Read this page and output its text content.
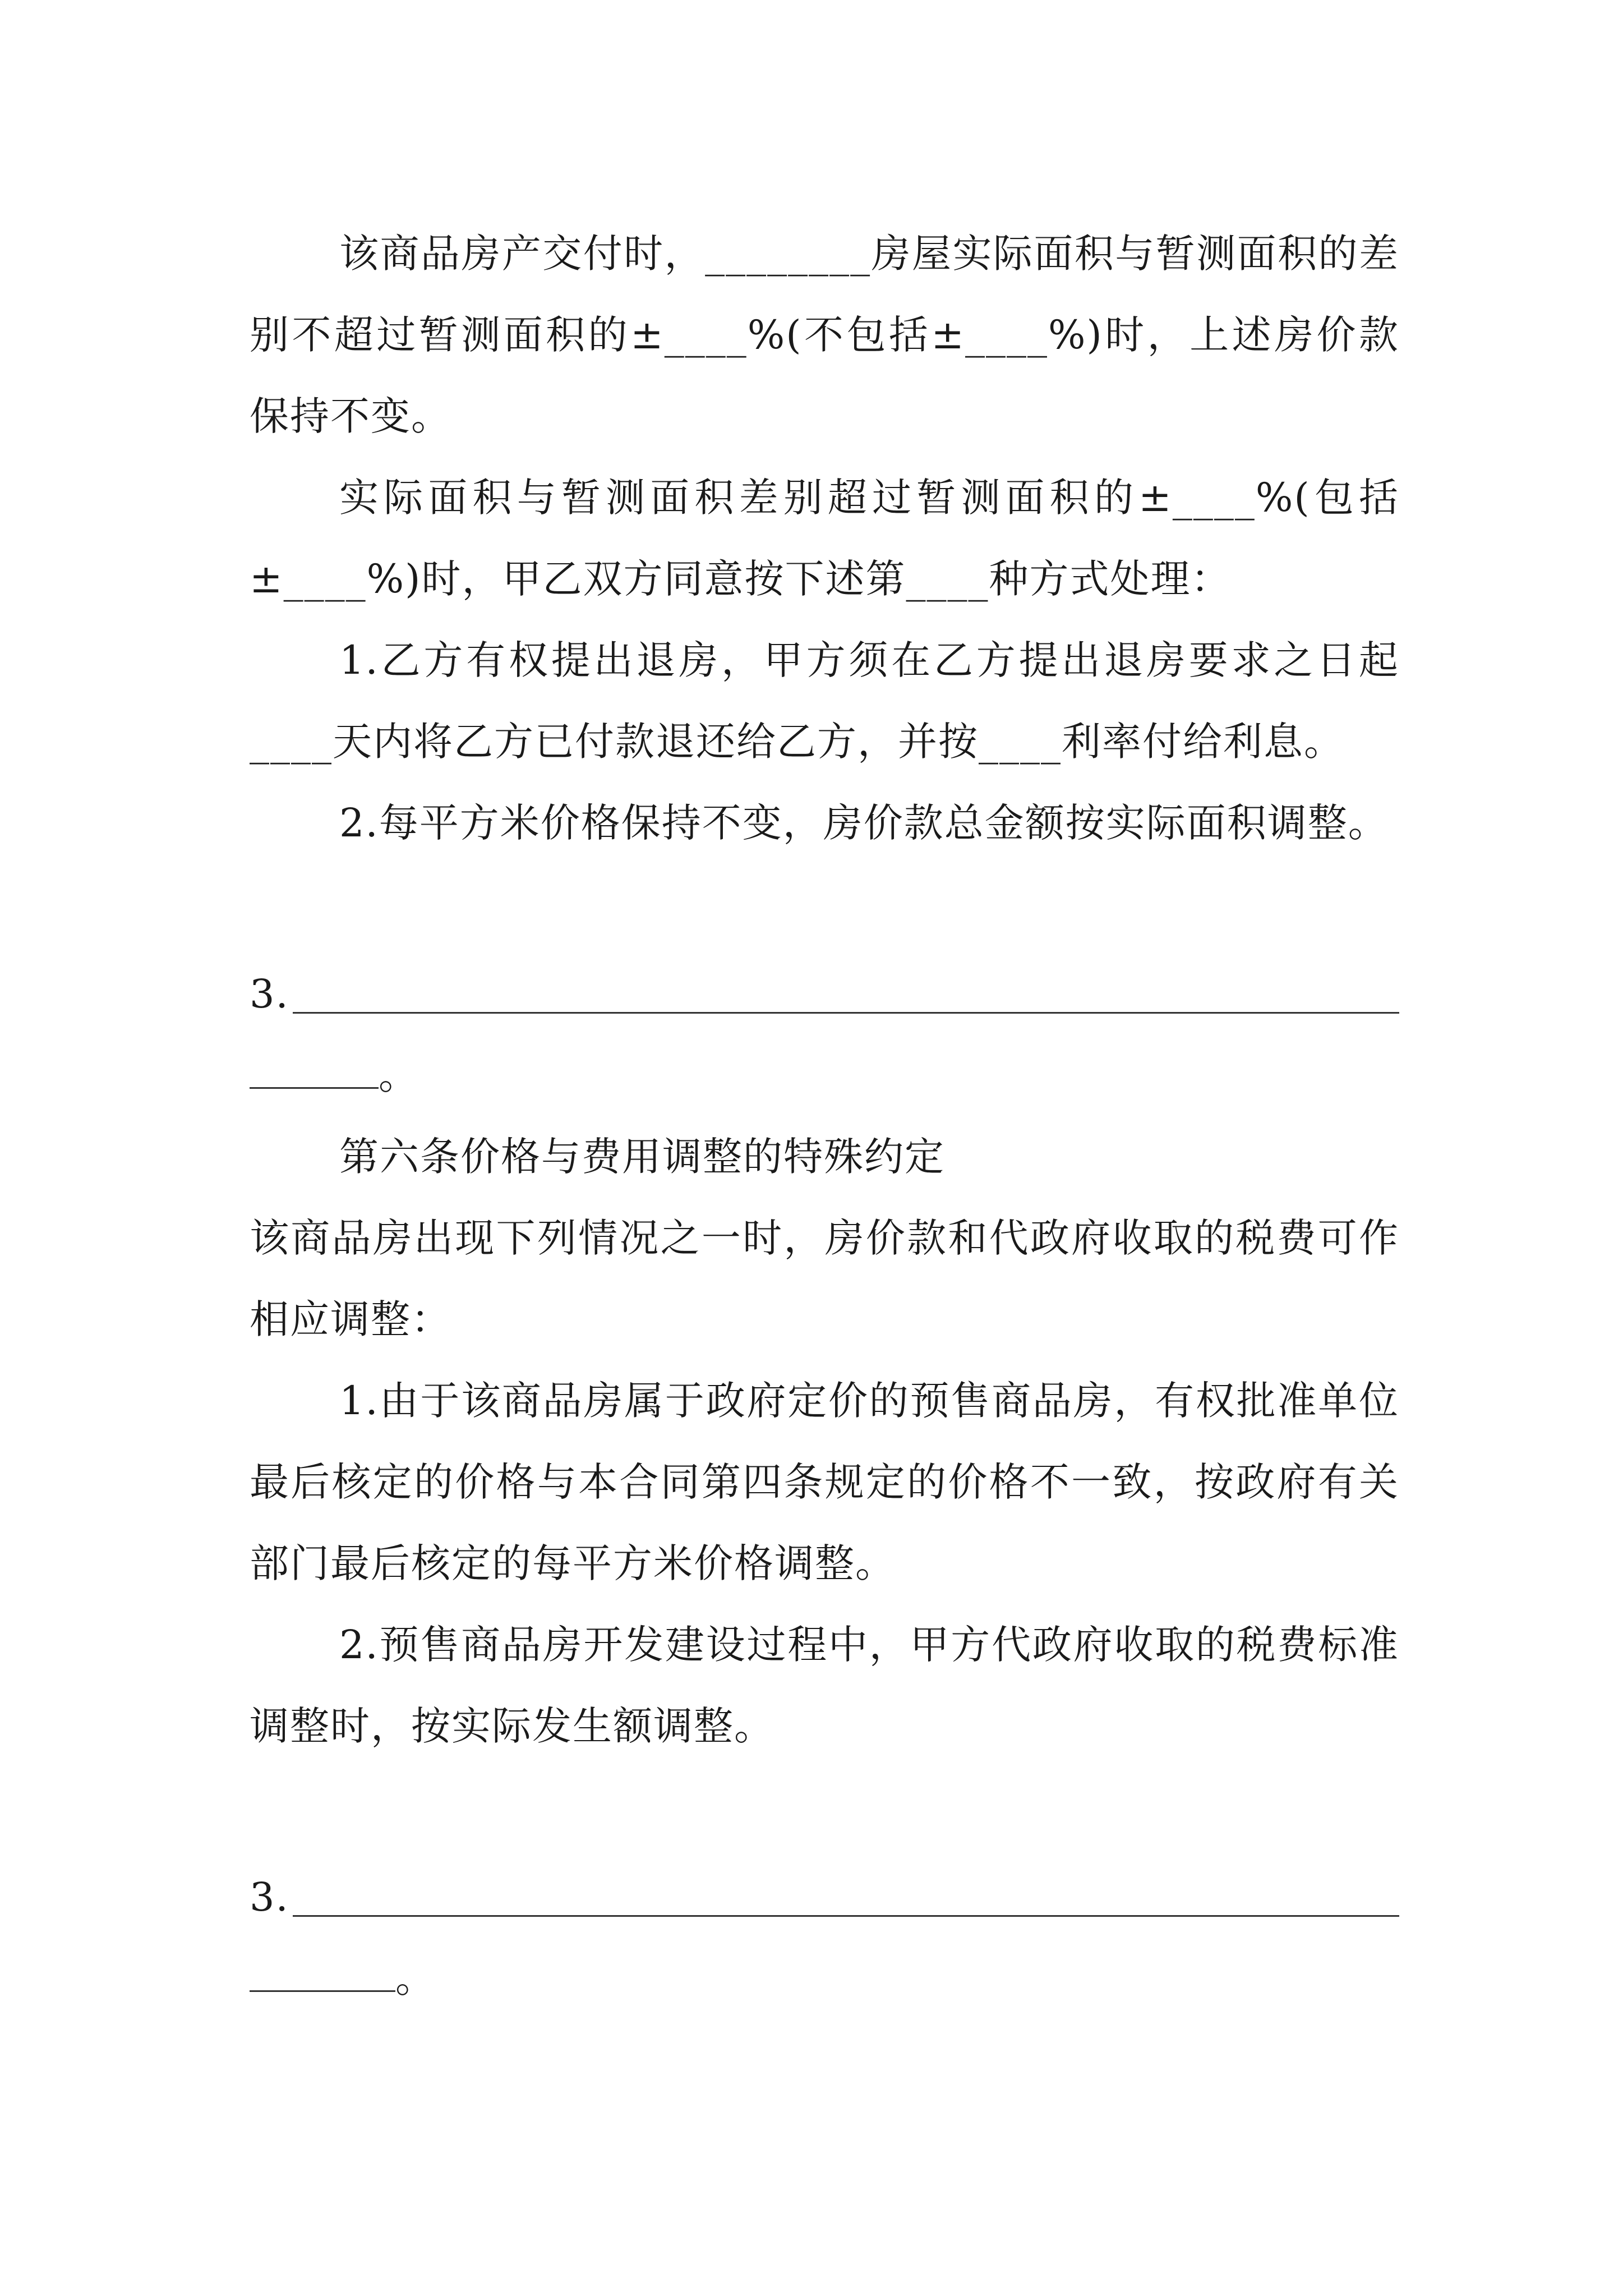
该商品房产交付时，________房屋实际面积与暂测面积的差别不超过暂测面积的±____%(不包括±____%)时，上述房价款保持不变。

实际面积与暂测面积差别超过暂测面积的±____%(包括±____%)时，甲乙双方同意按下述第____种方式处理：

1.乙方有权提出退房，甲方须在乙方提出退房要求之日起____天内将乙方已付款退还给乙方，并按____利率付给利息。

2.每平方米价格保持不变，房价款总金额按实际面积调整。

3.

。

第六条价格与费用调整的特殊约定

该商品房出现下列情况之一时，房价款和代政府收取的税费可作相应调整：

1.由于该商品房属于政府定价的预售商品房，有权批准单位最后核定的价格与本合同第四条规定的价格不一致，按政府有关部门最后核定的每平方米价格调整。

2.预售商品房开发建设过程中，甲方代政府收取的税费标准调整时，按实际发生额调整。

3.

。
